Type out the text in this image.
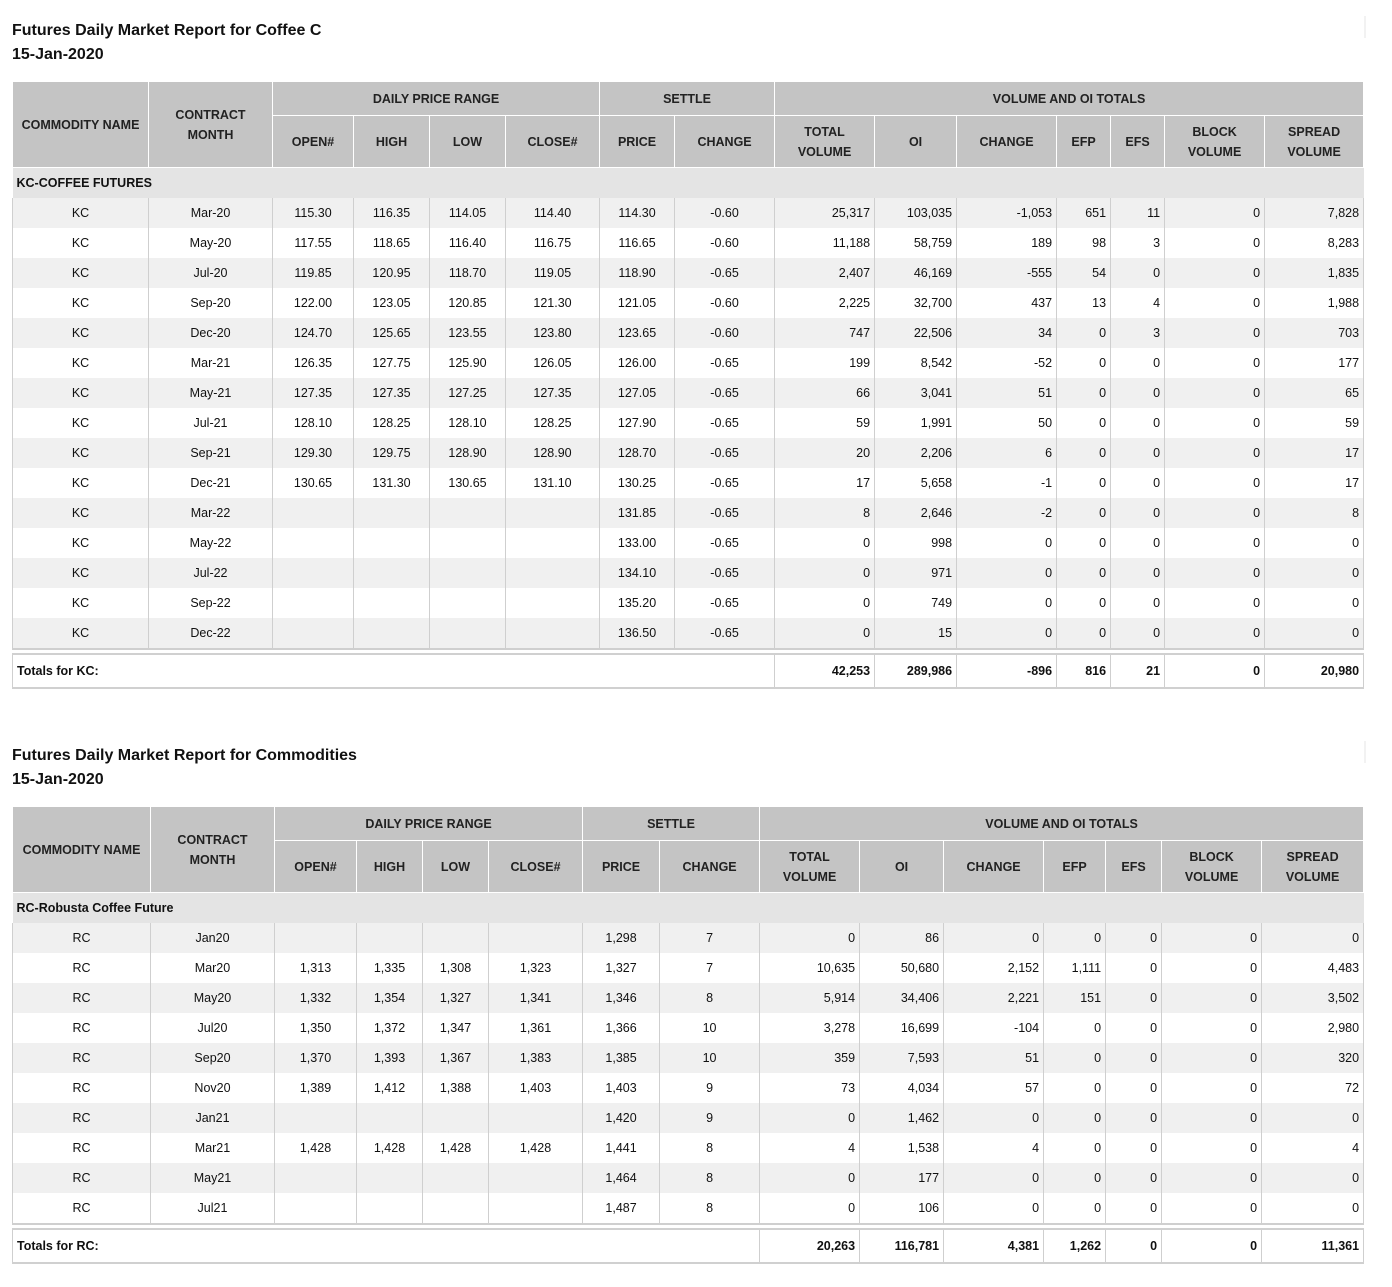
Futures Daily Market Report for Coffee C
15-Jan-2020
COMMODITY NAME	CONTRACT MONTH	DAILY PRICE RANGE				SETTLE		VOLUME AND OI TOTALS						
		OPEN#	HIGH	LOW	CLOSE#	PRICE	CHANGE	TOTAL VOLUME	OI	CHANGE	EFP	EFS	BLOCK VOLUME	SPREAD VOLUME
KC-COFFEE FUTURES														
KC	Mar-20	115.30	116.35	114.05	114.40	114.30	-0.60	25,317	103,035	-1,053	651	11	0	7,828
KC	May-20	117.55	118.65	116.40	116.75	116.65	-0.60	11,188	58,759	189	98	3	0	8,283
KC	Jul-20	119.85	120.95	118.70	119.05	118.90	-0.65	2,407	46,169	-555	54	0	0	1,835
KC	Sep-20	122.00	123.05	120.85	121.30	121.05	-0.60	2,225	32,700	437	13	4	0	1,988
KC	Dec-20	124.70	125.65	123.55	123.80	123.65	-0.60	747	22,506	34	0	3	0	703
KC	Mar-21	126.35	127.75	125.90	126.05	126.00	-0.65	199	8,542	-52	0	0	0	177
KC	May-21	127.35	127.35	127.25	127.35	127.05	-0.65	66	3,041	51	0	0	0	65
KC	Jul-21	128.10	128.25	128.10	128.25	127.90	-0.65	59	1,991	50	0	0	0	59
KC	Sep-21	129.30	129.75	128.90	128.90	128.70	-0.65	20	2,206	6	0	0	0	17
KC	Dec-21	130.65	131.30	130.65	131.10	130.25	-0.65	17	5,658	-1	0	0	0	17
KC	Mar-22					131.85	-0.65	8	2,646	-2	0	0	0	8
KC	May-22					133.00	-0.65	0	998	0	0	0	0	0
KC	Jul-22					134.10	-0.65	0	971	0	0	0	0	0
KC	Sep-22					135.20	-0.65	0	749	0	0	0	0	0
KC	Dec-22					136.50	-0.65	0	15	0	0	0	0	0

Totals for KC:								42,253	289,986	-896	816	21	0	20,980
Futures Daily Market Report for Commodities
15-Jan-2020
COMMODITY NAME	CONTRACT MONTH	DAILY PRICE RANGE				SETTLE		VOLUME AND OI TOTALS						
		OPEN#	HIGH	LOW	CLOSE#	PRICE	CHANGE	TOTAL VOLUME	OI	CHANGE	EFP	EFS	BLOCK VOLUME	SPREAD VOLUME
RC-Robusta Coffee Future														
RC	Jan20					1,298	7	0	86	0	0	0	0	0
RC	Mar20	1,313	1,335	1,308	1,323	1,327	7	10,635	50,680	2,152	1,111	0	0	4,483
RC	May20	1,332	1,354	1,327	1,341	1,346	8	5,914	34,406	2,221	151	0	0	3,502
RC	Jul20	1,350	1,372	1,347	1,361	1,366	10	3,278	16,699	-104	0	0	0	2,980
RC	Sep20	1,370	1,393	1,367	1,383	1,385	10	359	7,593	51	0	0	0	320
RC	Nov20	1,389	1,412	1,388	1,403	1,403	9	73	4,034	57	0	0	0	72
RC	Jan21					1,420	9	0	1,462	0	0	0	0	0
RC	Mar21	1,428	1,428	1,428	1,428	1,441	8	4	1,538	4	0	0	0	4
RC	May21					1,464	8	0	177	0	0	0	0	0
RC	Jul21					1,487	8	0	106	0	0	0	0	0

Totals for RC:								20,263	116,781	4,381	1,262	0	0	11,361
